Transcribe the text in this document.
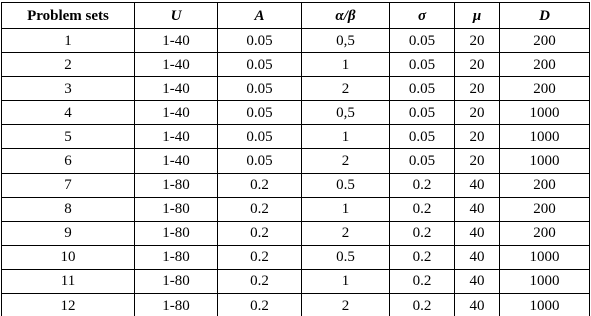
Problem sets	U	A	α/β	σ	μ	D
1	1-40	0.05	0,5	0.05	20	200
2	1-40	0.05	1	0.05	20	200
3	1-40	0.05	2	0.05	20	200
4	1-40	0.05	0,5	0.05	20	1000
5	1-40	0.05	1	0.05	20	1000
6	1-40	0.05	2	0.05	20	1000
7	1-80	0.2	0.5	0.2	40	200
8	1-80	0.2	1	0.2	40	200
9	1-80	0.2	2	0.2	40	200
10	1-80	0.2	0.5	0.2	40	1000
11	1-80	0.2	1	0.2	40	1000
12	1-80	0.2	2	0.2	40	1000
